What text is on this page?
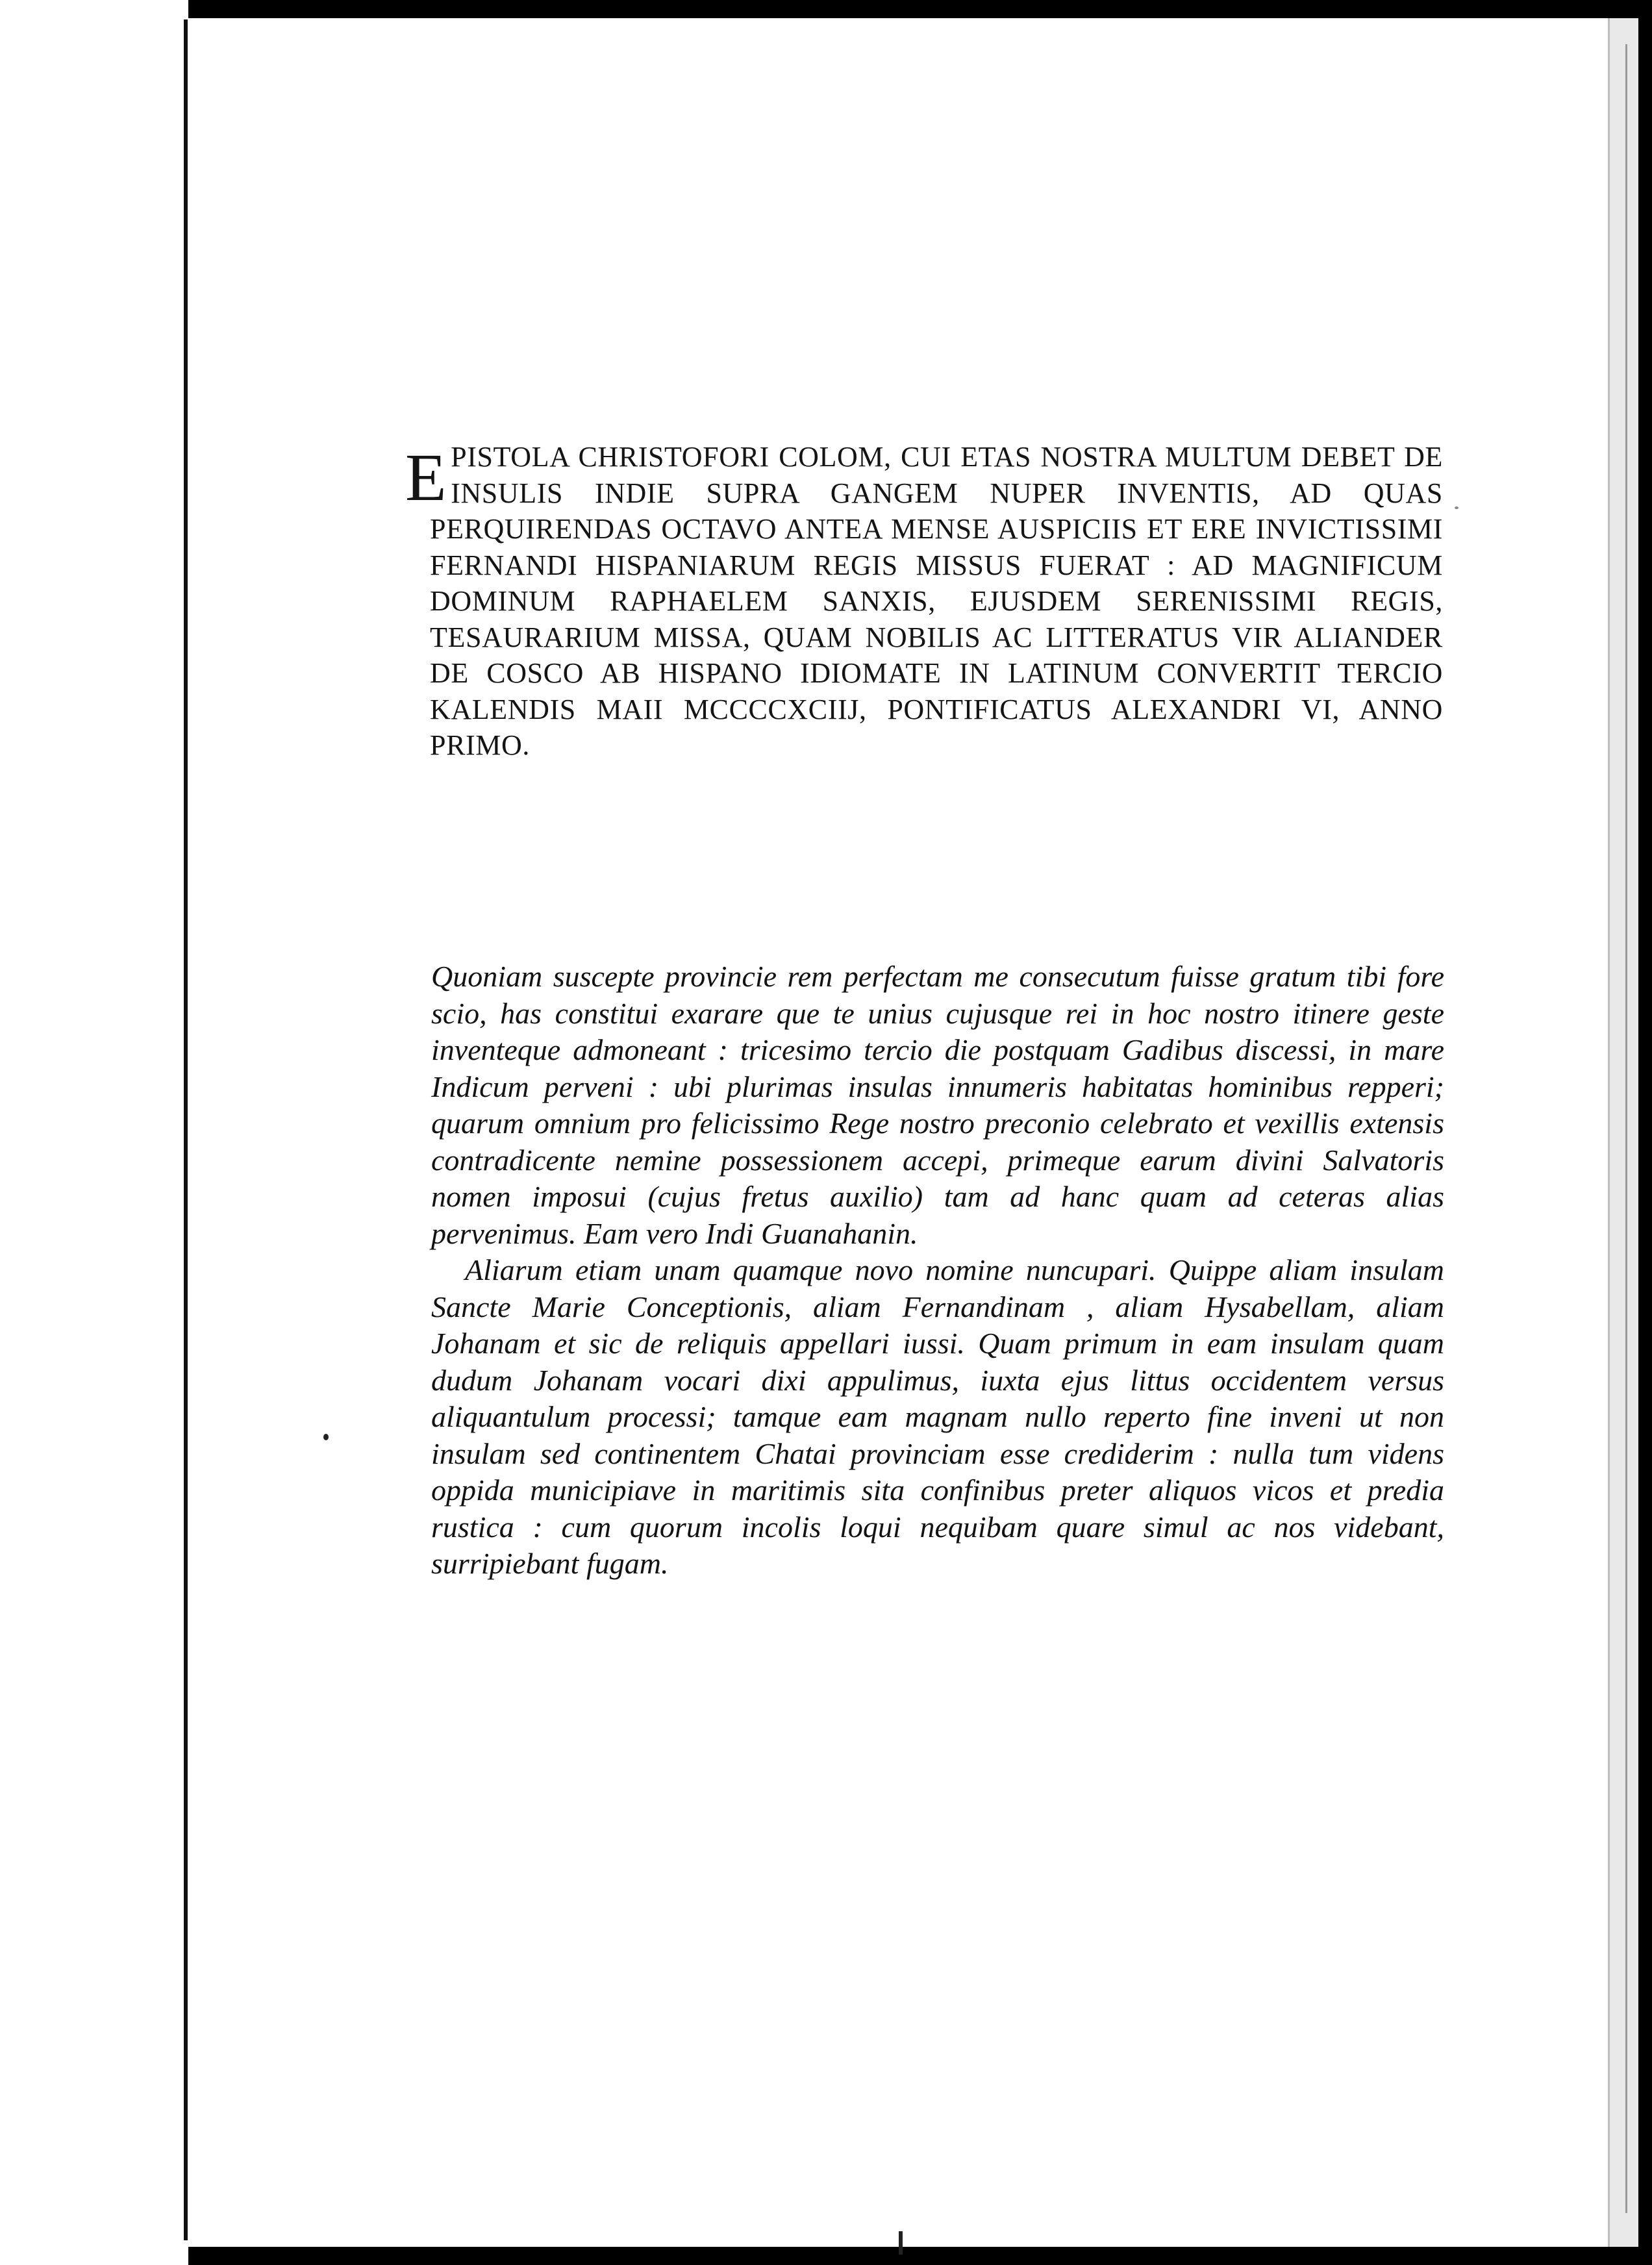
EPISTOLA CHRISTOFORI COLOM, CUI ETAS NOSTRA MULTUM DEBET DE INSULIS INDIE SUPRA GANGEM NUPER INVENTIS, AD QUAS PERQUIRENDAS OCTAVO ANTEA MENSE AUSPICIIS ET ERE INVICTISSIMI FERNANDI HISPANIARUM REGIS MISSUS FUERAT : AD MAGNIFICUM DOMINUM RAPHAELEM SANXIS, EJUSDEM SERENISSIMI REGIS, TESAURARIUM MISSA, QUAM NOBILIS AC LITTERATUS VIR ALIANDER DE COSCO AB HISPANO IDIOMATE IN LATINUM CONVERTIT TERCIO KALENDIS MAII MCCCCXCIIJ, PONTIFICATUS ALEXANDRI VI, ANNO PRIMO.

Quoniam suscepte provincie rem perfectam me consecutum fuisse gratum tibi fore scio, has constitui exarare que te unius cujusque rei in hoc nostro itinere geste inventeque admoneant : tricesimo tercio die postquam Gadibus discessi, in mare Indicum perveni : ubi plurimas insulas innumeris habitatas hominibus repperi; quarum omnium pro felicissimo Rege nostro preconio celebrato et vexillis extensis contradicente nemine possessionem accepi, primeque earum divini Salvatoris nomen imposui (cujus fretus auxilio) tam ad hanc quam ad ceteras alias pervenimus. Eam vero Indi Guanahanin.

Aliarum etiam unam quamque novo nomine nuncupari. Quippe aliam insulam Sancte Marie Conceptionis, aliam Fernandinam , aliam Hysabellam, aliam Johanam et sic de reliquis appellari iussi. Quam primum in eam insulam quam dudum Johanam vocari dixi appulimus, iuxta ejus littus occidentem versus aliquantulum processi; tamque eam magnam nullo reperto fine inveni ut non insulam sed continentem Chatai provinciam esse crediderim : nulla tum videns oppida municipiave in maritimis sita confinibus preter aliquos vicos et predia rustica : cum quorum incolis loqui nequibam quare simul ac nos videbant, surripiebant fugam.
